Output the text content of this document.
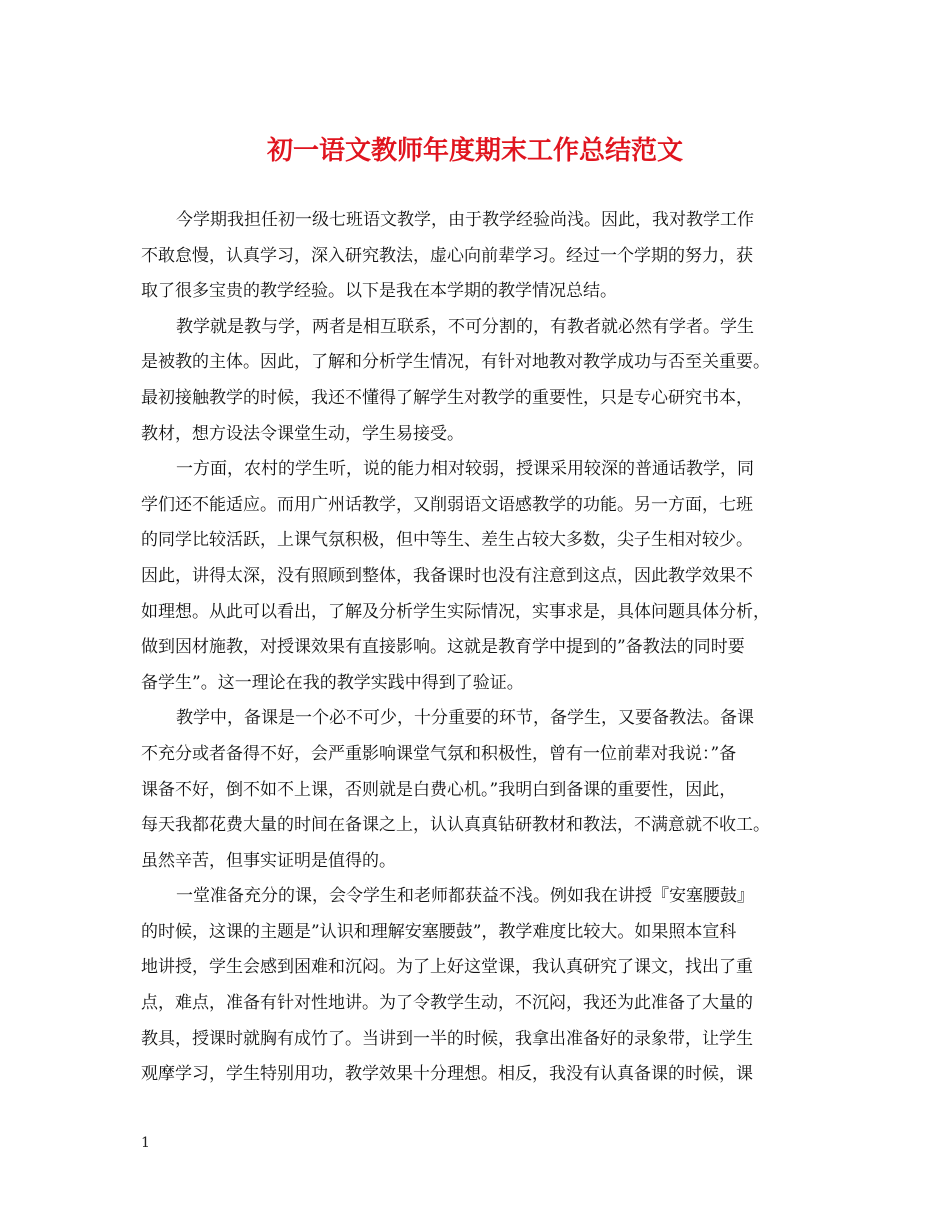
初一语文教师年度期末工作总结范文
今学期我担任初一级七班语文教学，由于教学经验尚浅。因此，我对教学工作
不敢怠慢，认真学习，深入研究教法，虚心向前辈学习。经过一个学期的努力，获
取了很多宝贵的教学经验。以下是我在本学期的教学情况总结。
教学就是教与学，两者是相互联系，不可分割的，有教者就必然有学者。学生
是被教的主体。因此，了解和分析学生情况，有针对地教对教学成功与否至关重要。
最初接触教学的时候，我还不懂得了解学生对教学的重要性，只是专心研究书本，
教材，想方设法令课堂生动，学生易接受。
一方面，农村的学生听，说的能力相对较弱，授课采用较深的普通话教学，同
学们还不能适应。而用广州话教学，又削弱语文语感教学的功能。另一方面，七班
的同学比较活跃，上课气氛积极，但中等生、差生占较大多数，尖子生相对较少。
因此，讲得太深，没有照顾到整体，我备课时也没有注意到这点，因此教学效果不
如理想。从此可以看出，了解及分析学生实际情况，实事求是，具体问题具体分析，
做到因材施教，对授课效果有直接影响。这就是教育学中提到的”备教法的同时要
备学生”。这一理论在我的教学实践中得到了验证。
教学中，备课是一个必不可少，十分重要的环节，备学生，又要备教法。备课
不充分或者备得不好，会严重影响课堂气氛和积极性，曾有一位前辈对我说：”备
课备不好，倒不如不上课，否则就是白费心机。”我明白到备课的重要性，因此，
每天我都花费大量的时间在备课之上，认认真真钻研教材和教法，不满意就不收工。
虽然辛苦，但事实证明是值得的。
一堂准备充分的课，会令学生和老师都获益不浅。例如我在讲授『安塞腰鼓』
的时候，这课的主题是”认识和理解安塞腰鼓”，教学难度比较大。如果照本宣科
地讲授，学生会感到困难和沉闷。为了上好这堂课，我认真研究了课文，找出了重
点，难点，准备有针对性地讲。为了令教学生动，不沉闷，我还为此准备了大量的
教具，授课时就胸有成竹了。当讲到一半的时候，我拿出准备好的录象带，让学生
观摩学习，学生特别用功，教学效果十分理想。相反，我没有认真备课的时候，课
1
